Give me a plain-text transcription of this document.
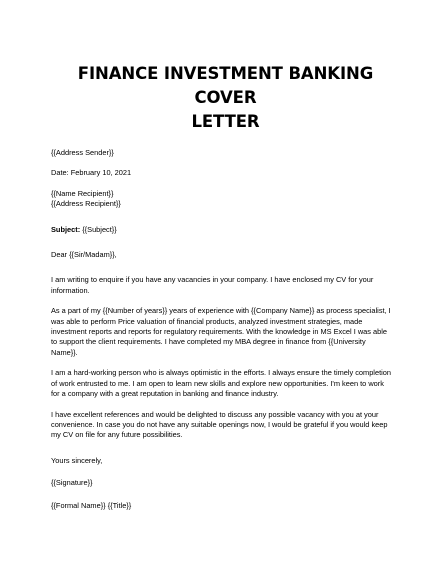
FINANCE INVESTMENT BANKING COVER
LETTER

{{Address Sender}}

Date: February 10, 2021

{{Name Recipient}}

{{Address Recipient}}

Subject: {{Subject}}

Dear {{Sir/Madam}},

I am writing to enquire if you have any vacancies in your company. I have enclosed my CV for your
information.

As a part of my {{Number of years}} years of experience with {{Company Name}} as process specialist, I
was able to perform Price valuation of financial products, analyzed investment strategies, made
investment reports and reports for regulatory requirements. With the knowledge in MS Excel I was able
to support the client requirements. I have completed my MBA degree in finance from {{University
Name}}.

I am a hard-working person who is always optimistic in the efforts. I always ensure the timely completion
of work entrusted to me. I am open to learn new skills and explore new opportunities. I'm keen to work
for a company with a great reputation in banking and finance industry.

I have excellent references and would be delighted to discuss any possible vacancy with you at your
convenience. In case you do not have any suitable openings now, I would be grateful if you would keep
my CV on file for any future possibilities.

Yours sincerely,

{{Signature}}

{{Formal Name}} {{Title}}
